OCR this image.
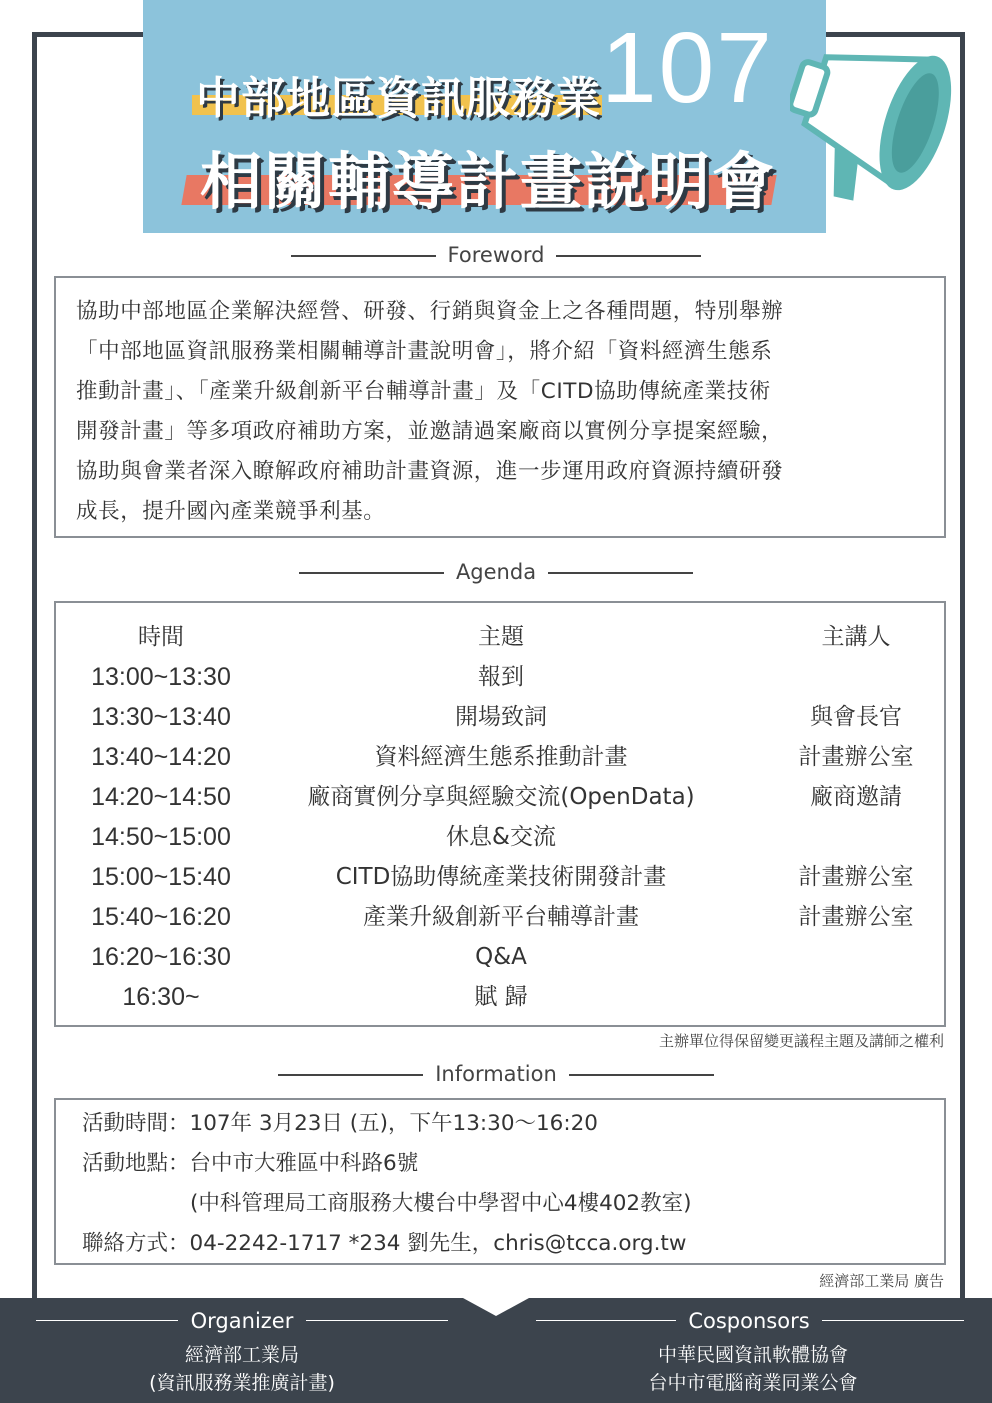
中部地區資訊服務業 107
相關輔導計畫說明會
Foreword
協助中部地區企業解決經營、研發、行銷與資金上之各種問題，特別舉辦
「中部地區資訊服務業相關輔導計畫說明會」，將介紹「資料經濟生態系
推動計畫」、「產業升級創新平台輔導計畫」及「CITD協助傳統產業技術
開發計畫」等多項政府補助方案，並邀請過案廠商以實例分享提案經驗，
協助與會業者深入瞭解政府補助計畫資源，進一步運用政府資源持續研發
成長，提升國內產業競爭利基。
Agenda
時間	主題	主講人
13:00~13:30	報到
13:30~13:40	開場致詞	與會長官
13:40~14:20	資料經濟生態系推動計畫	計畫辦公室
14:20~14:50	廠商實例分享與經驗交流(OpenData)	廠商邀請
14:50~15:00	休息&交流
15:00~15:40	CITD協助傳統產業技術開發計畫	計畫辦公室
15:40~16:20	產業升級創新平台輔導計畫	計畫辦公室
16:20~16:30	Q&A
16:30~	賦 歸
主辦單位得保留變更議程主題及講師之權利
Information
活動時間：107年 3月23日 (五)，下午13:30～16:20
活動地點：台中市大雅區中科路6號
(中科管理局工商服務大樓台中學習中心4樓402教室)
聯絡方式：04-2242-1717 *234 劉先生，chris@tcca.org.tw
經濟部工業局 廣告
Organizer
經濟部工業局
(資訊服務業推廣計畫)
Cosponsors
中華民國資訊軟體協會
台中市電腦商業同業公會
